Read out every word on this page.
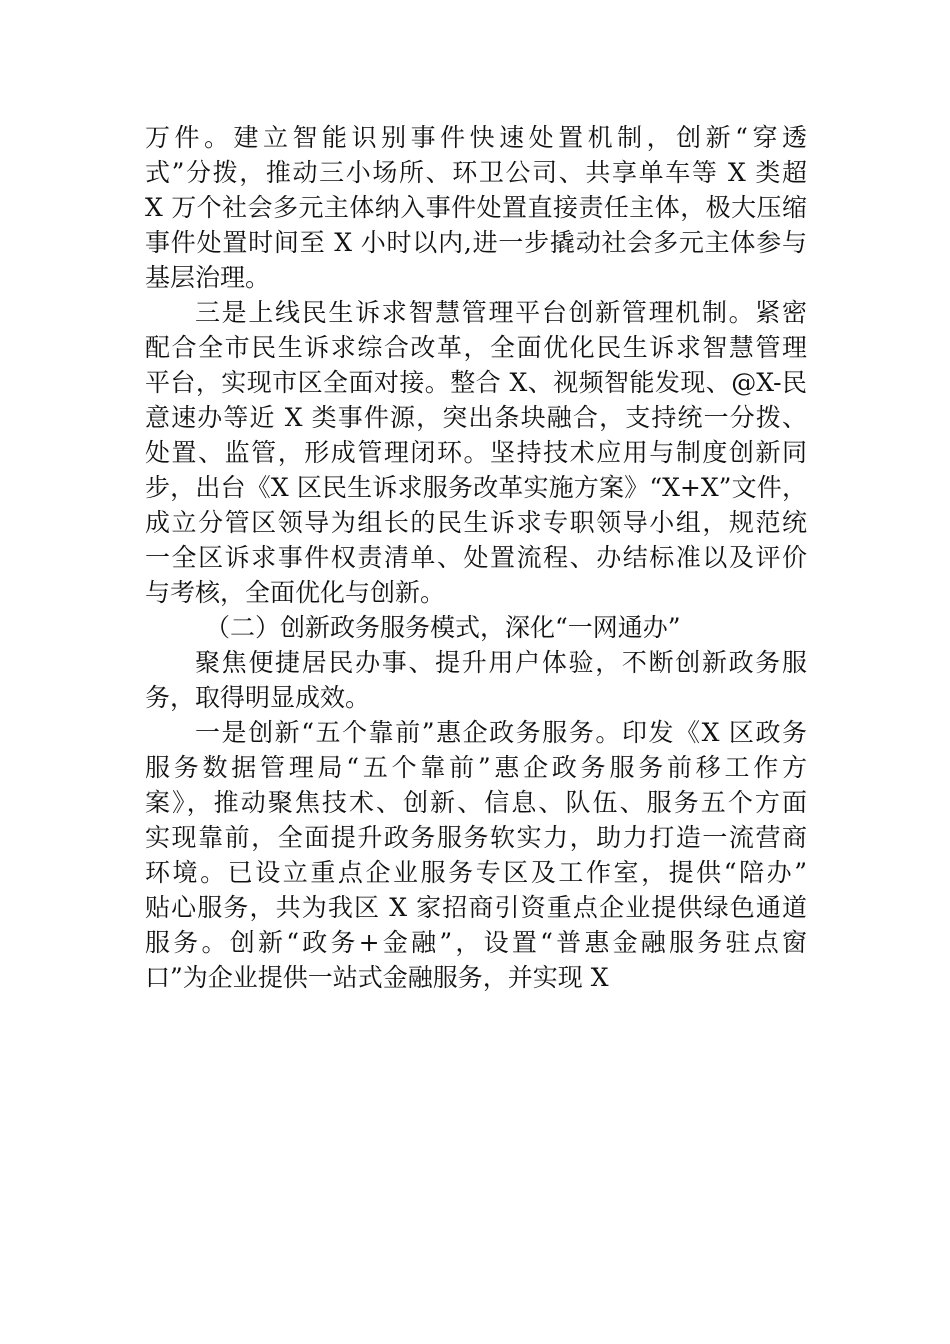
万件。建立智能识别事件快速处置机制，创新“穿透
式”分拨，推动三小场所、环卫公司、共享单车等 X 类超
X 万个社会多元主体纳入事件处置直接责任主体，极大压缩
事件处置时间至 X 小时以内,进一步撬动社会多元主体参与
基层治理。
三是上线民生诉求智慧管理平台创新管理机制。紧密
配合全市民生诉求综合改革，全面优化民生诉求智慧管理
平台，实现市区全面对接。整合 X、视频智能发现、@X-民
意速办等近 X 类事件源，突出条块融合，支持统一分拨、
处置、监管，形成管理闭环。坚持技术应用与制度创新同
步，出台《X 区民生诉求服务改革实施方案》“X+X”文件，
成立分管区领导为组长的民生诉求专职领导小组，规范统
一全区诉求事件权责清单、处置流程、办结标准以及评价
与考核，全面优化与创新。
（二）创新政务服务模式，深化“一网通办”
聚焦便捷居民办事、提升用户体验，不断创新政务服
务，取得明显成效。
一是创新“五个靠前”惠企政务服务。印发《X 区政务
服务数据管理局“五个靠前”惠企政务服务前移工作方
案》，推动聚焦技术、创新、信息、队伍、服务五个方面
实现靠前，全面提升政务服务软实力，助力打造一流营商
环境。已设立重点企业服务专区及工作室，提供“陪办”
贴心服务，共为我区 X 家招商引资重点企业提供绿色通道
服务。创新“政务+金融”，设置“普惠金融服务驻点窗
口”为企业提供一站式金融服务，并实现 X
